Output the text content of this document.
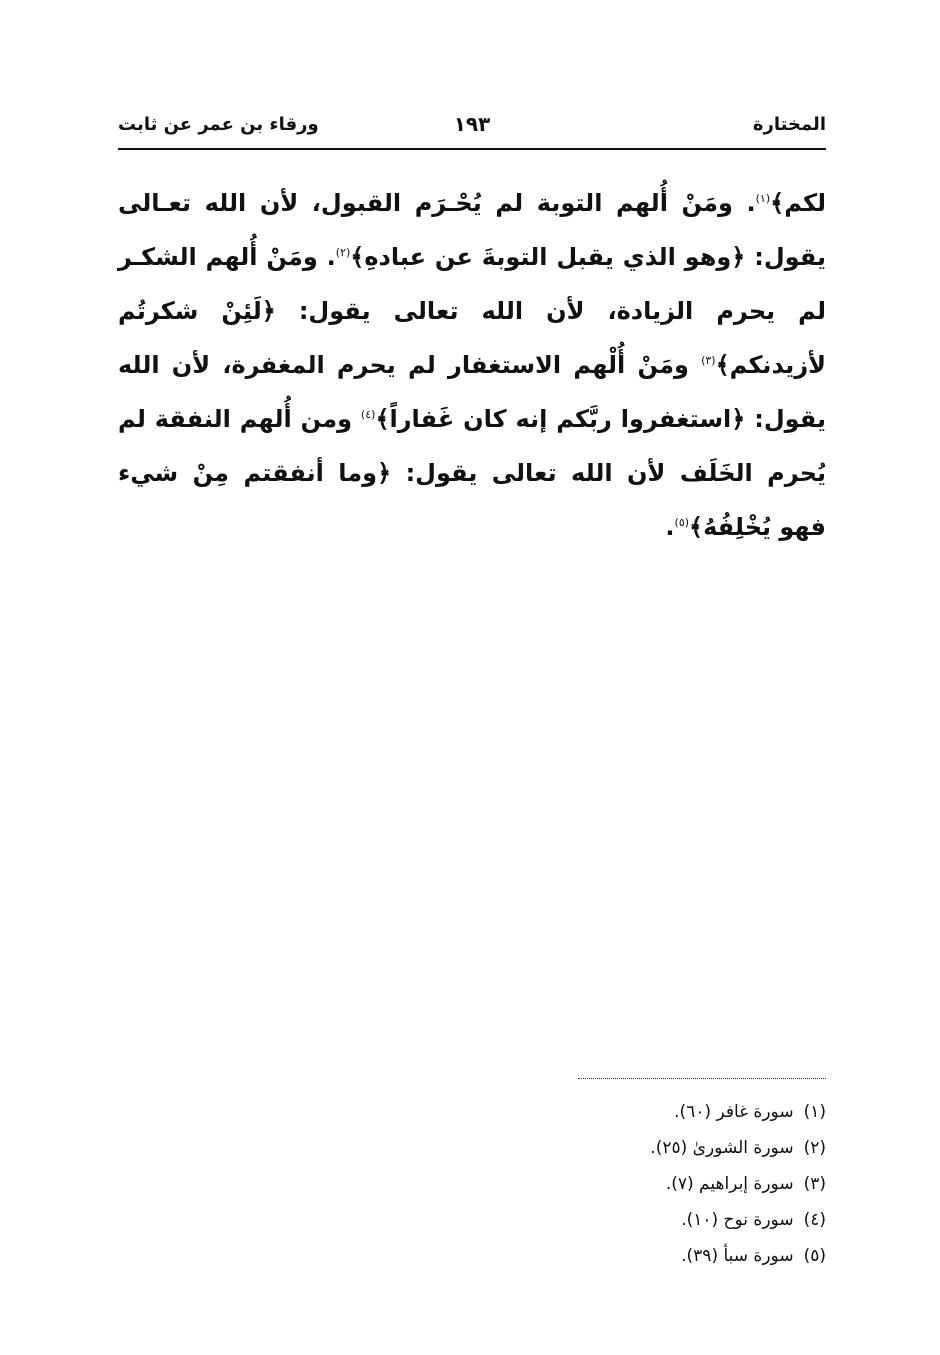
المختارة
١٩٣
ورقاء بن عمر عن ثابت

لكم﴾$^{(١)}$. ومَنْ أُلهم التوبة لم يُحْـرَم القبول، لأن الله تعـالى يقول: ﴿وهو الذي يقبل التوبةَ عن عبادهِ﴾$^{(٢)}$. ومَنْ أُلهم الشكـر لم يحرم الزيادة، لأن الله تعالى يقول: ﴿لَئِنْ شكرتُم لأزيدنكم﴾$^{(٣)}$ ومَنْ أُلْهم الاستغفار لم يحرم المغفرة، لأن الله يقول: ﴿استغفروا ربَّكم إنه كان غَفاراً﴾$^{(٤)}$ ومن أُلهم النفقة لم يُحرم الخَلَف لأن الله تعالى يقول: ﴿وما أنفقتم مِنْ شيء فهو يُخْلِفُهُ﴾$^{(٥)}$.

(١)سورة غافر (٦٠).
(٢)سورة الشورىٰ (٢٥).
(٣)سورة إبراهيم (٧).
(٤)سورة نوح (١٠).
(٥)سورة سبأ (٣٩).
